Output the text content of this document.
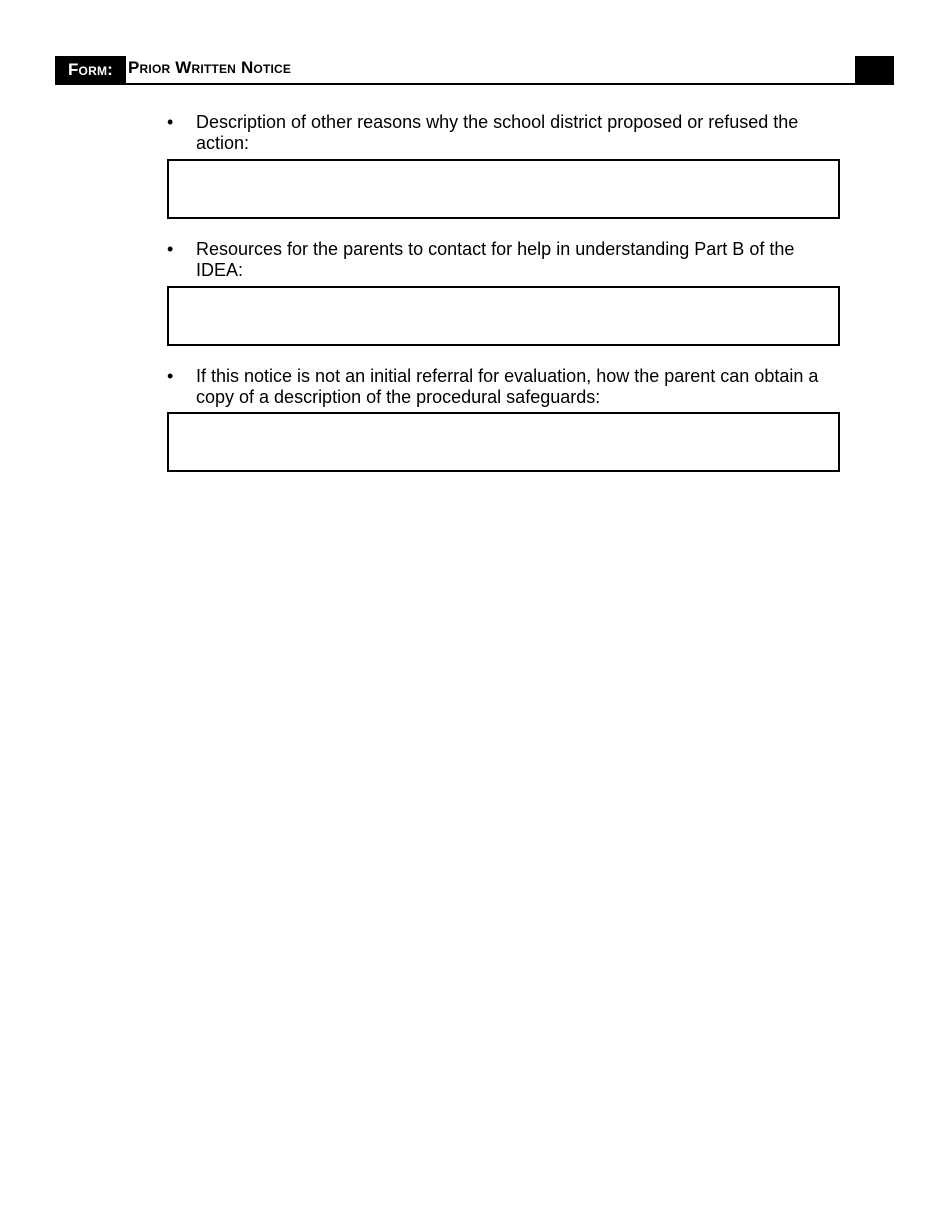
Form: Prior Written Notice
•	Description of other reasons why the school district proposed or refused the action:
•	Resources for the parents to contact for help in understanding Part B of the IDEA:
•	If this notice is not an initial referral for evaluation, how the parent can obtain a copy of a description of the procedural safeguards:
